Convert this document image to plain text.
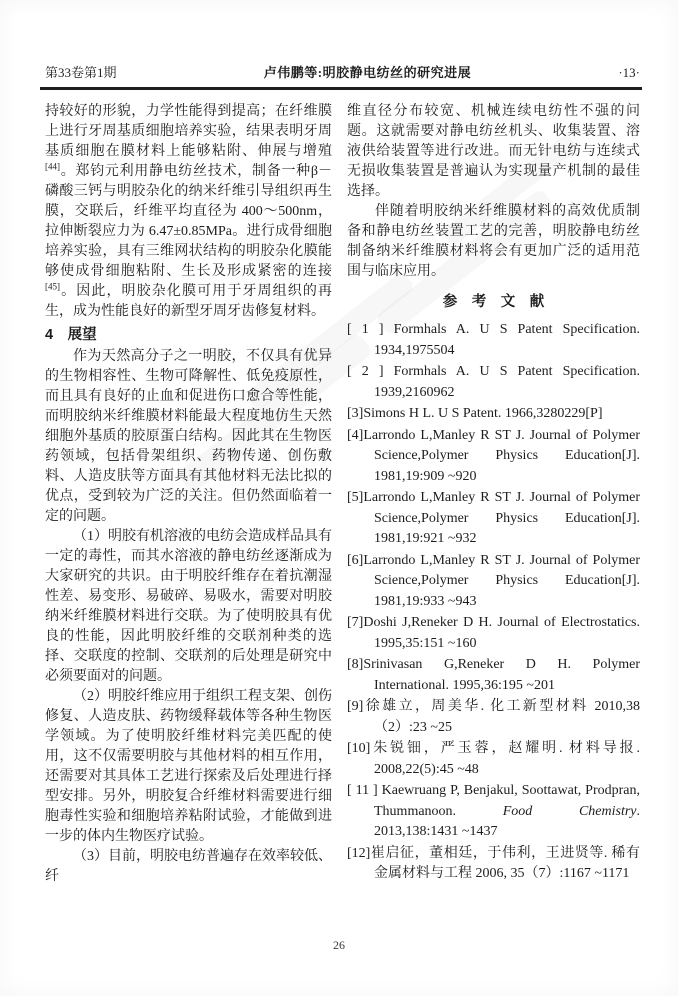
第33卷第1期	卢伟鹏等:明胶静电纺丝的研究进展	·13·
持较好的形貌，力学性能得到提高；在纤维膜上进行牙周基质细胞培养实验，结果表明牙周基质细胞在膜材料上能够粘附、伸展与增殖[44]。郑钧元利用静电纺丝技术，制备一种β－磷酸三钙与明胶杂化的纳米纤维引导组织再生膜，交联后，纤维平均直径为 400～500nm，拉伸断裂应力为 6.47±0.85MPa。进行成骨细胞培养实验，具有三维网状结构的明胶杂化膜能够使成骨细胞粘附、生长及形成紧密的连接[45]。因此，明胶杂化膜可用于牙周组织的再生，成为性能良好的新型牙周牙齿修复材料。
4　展望
作为天然高分子之一明胶，不仅具有优异的生物相容性、生物可降解性、低免疫原性，而且具有良好的止血和促进伤口愈合等性能，而明胶纳米纤维膜材料能最大程度地仿生天然细胞外基质的胶原蛋白结构。因此其在生物医药领域，包括骨架组织、药物传递、创伤敷料、人造皮肤等方面具有其他材料无法比拟的优点，受到较为广泛的关注。但仍然面临着一定的问题。
（1）明胶有机溶液的电纺会造成样品具有一定的毒性，而其水溶液的静电纺丝逐渐成为大家研究的共识。由于明胶纤维存在着抗潮湿性差、易变形、易破碎、易吸水，需要对明胶纳米纤维膜材料进行交联。为了使明胶具有优良的性能，因此明胶纤维的交联剂种类的选择、交联度的控制、交联剂的后处理是研究中必须要面对的问题。
（2）明胶纤维应用于组织工程支架、创伤修复、人造皮肤、药物缓释载体等各种生物医学领域。为了使明胶纤维材料完美匹配的使用，这不仅需要明胶与其他材料的相互作用，还需要对其具体工艺进行探索及后处理进行择型安排。另外，明胶复合纤维材料需要进行细胞毒性实验和细胞培养粘附试验，才能做到进一步的体内生物医疗试验。
（3）目前，明胶电纺普遍存在效率较低、纤
维直径分布较宽、机械连续电纺性不强的问题。这就需要对静电纺丝机头、收集装置、溶液供给装置等进行改进。而无针电纺与连续式无损收集装置是普遍认为实现量产机制的最佳选择。
伴随着明胶纳米纤维膜材料的高效优质制备和静电纺丝装置工艺的完善，明胶静电纺丝制备纳米纤维膜材料将会有更加广泛的适用范围与临床应用。
参　考　文　献
[ 1 ] Formhals A. U S Patent Specification. 1934,1975504
[ 2 ] Formhals A. U S Patent Specification. 1939,2160962
[3]Simons H L. U S Patent. 1966,3280229[P]
[4]Larrondo L,Manley R ST J. Journal of Polymer Science,Polymer Physics Education[J]. 1981,19:909 ~920
[5]Larrondo L,Manley R ST J. Journal of Polymer Science,Polymer Physics Education[J]. 1981,19:921 ~932
[6]Larrondo L,Manley R ST J. Journal of Polymer Science,Polymer Physics Education[J]. 1981,19:933 ~943
[7]Doshi J,Reneker D H. Journal of Electrostatics. 1995,35:151 ~160
[8]Srinivasan G,Reneker D H. Polymer International. 1995,36:195 ~201
[9]徐雄立，周美华. 化工新型材料 2010,38（2）:23 ~25
[10]朱锐钿，严玉蓉，赵耀明. 材料导报. 2008,22(5):45 ~48
[ 11 ] Kaewruang P, Benjakul, Soottawat, Prodpran, Thummanoon. Food Chemistry. 2013,138:1431 ~1437
[12]崔启征，董相廷，于伟利，王进贤等. 稀有金属材料与工程 2006, 35（7）:1167 ~1171
26
